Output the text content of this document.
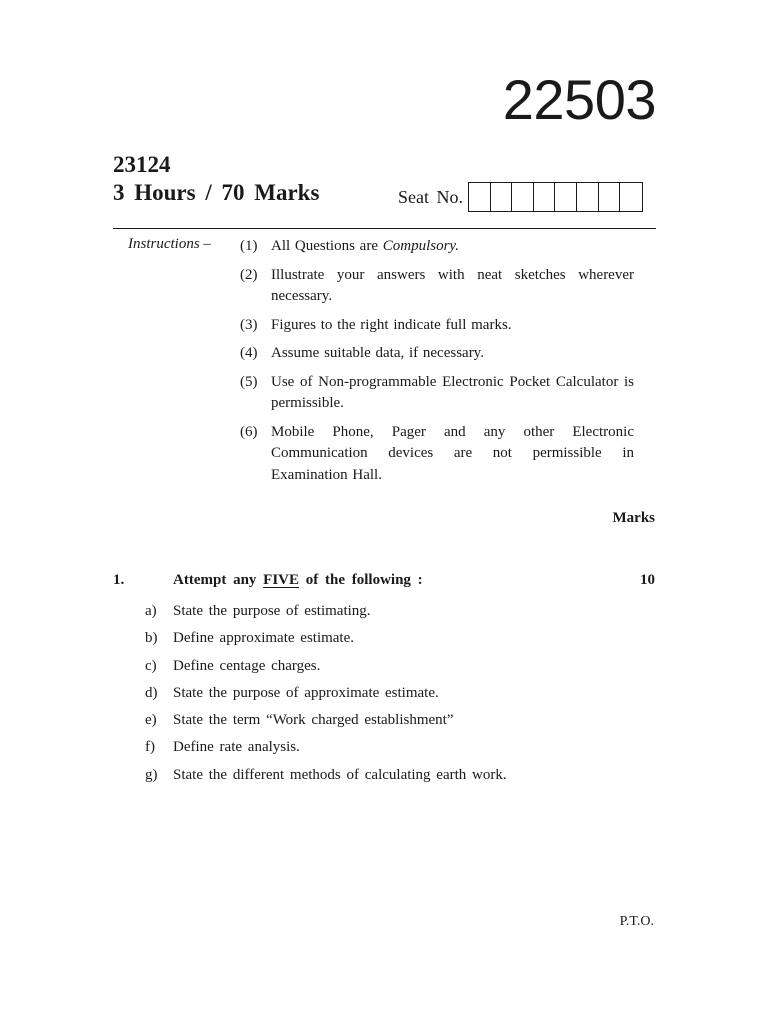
22503
23124
3 Hours / 70 Marks	Seat No.
Instructions – (1) All Questions are Compulsory.
(2) Illustrate your answers with neat sketches wherever necessary.
(3) Figures to the right indicate full marks.
(4) Assume suitable data, if necessary.
(5) Use of Non-programmable Electronic Pocket Calculator is permissible.
(6) Mobile Phone, Pager and any other Electronic Communication devices are not permissible in Examination Hall.
Marks
1.	Attempt any FIVE of the following :	10
a)	State the purpose of estimating.
b)	Define approximate estimate.
c)	Define centage charges.
d)	State the purpose of approximate estimate.
e)	State the term “Work charged establishment”
f)	Define rate analysis.
g)	State the different methods of calculating earth work.
P.T.O.
